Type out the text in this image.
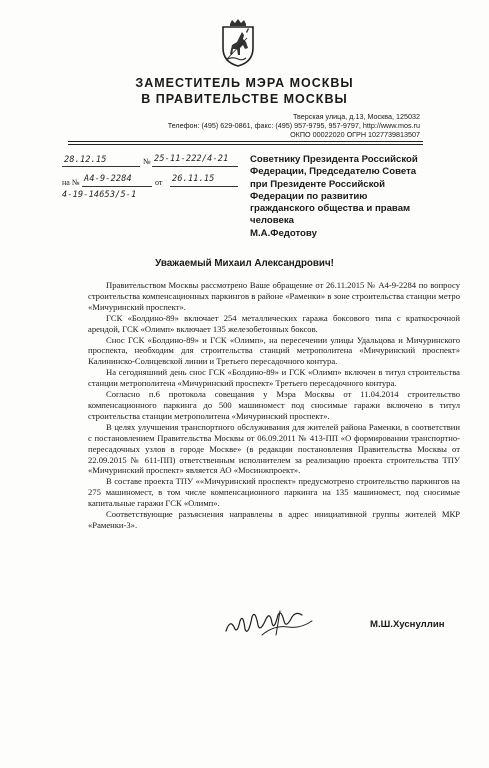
ЗАМЕСТИТЕЛЬ МЭРА МОСКВЫ
В ПРАВИТЕЛЬСТВЕ МОСКВЫ
Тверская улица, д.13, Москва, 125032
Телефон: (495) 629-0861, факс: (495) 957-9795, 957-9797, http://www.mos.ru
ОКПО 00022020 ОГРН 1027739813507
28.12.15	№ 25-11-222/4-21
на № А4-9-2284	от 26.11.15
4-19-14653/5-1
Советнику Президента Российской
Федерации, Председателю Совета
при Президенте Российской
Федерации по развитию
гражданского общества и правам
человека
М.А.Федотову
Уважаемый Михаил Александрович!

Правительством Москвы рассмотрено Ваше обращение от 26.11.2015 № А4-9-2284 по вопросу строительства компенсационных паркингов в районе «Раменки» в зоне строительства станции метро «Мичуринский проспект».

ГСК «Болдино-89» включает 254 металлических гаража боксового типа с краткосрочной арендой, ГСК «Олимп» включает 135 железобетонных боксов.

Снос ГСК «Болдино-89» и ГСК «Олимп», на пересечении улицы Удальцова и Мичуринского проспекта, необходим для строительства станций метрополитена «Мичуринский проспект» Калининско-Солнцевской линии и Третьего пересадочного контура.

На сегодняшний день снос ГСК «Болдино-89» и ГСК «Олимп» включен в титул строительства станции метрополитена «Мичуринский проспект» Третьего пересадочного контура.

Согласно п.6 протокола совещания у Мэра Москвы от 11.04.2014 строительство компенсационного паркинга до 500 машиномест под сносимые гаражи включено в титул строительства станции метрополитена «Мичуринский проспект».

В целях улучшения транспортного обслуживания для жителей района Раменки, в соответствии с постановлением Правительства Москвы от 06.09.2011 № 413-ПП «О формировании транспортно-пересадочных узлов в городе Москве» (в редакции постановления Правительства Москвы от 22.09.2015 № 611-ПП) ответственным исполнителем за реализацию проекта строительства ТПУ «Мичуринский проспект» является АО «Мосинжпроект».

В составе проекта ТПУ ««Мичуринский проспект» предусмотрено строительство паркингов на 275 машиномест, в том числе компенсационного паркинга на 135 машиномест, под сносимые капитальные гаражи ГСК «Олимп».

Соответствующие разъяснения направлены в адрес инициативной группы жителей МКР «Раменки-3».

М.Ш.Хуснуллин
